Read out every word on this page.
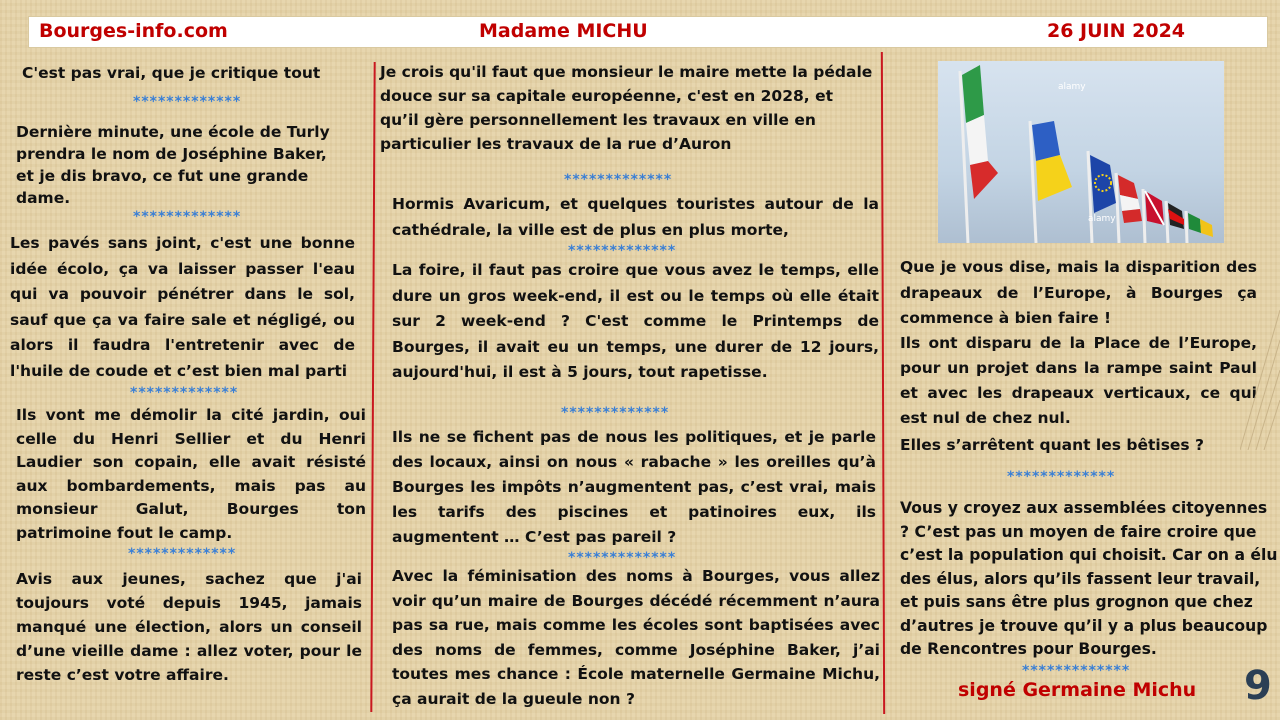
Bourges-info.com	Madame MICHU	26 JUIN 2024
C'est pas vrai, que je critique tout
*************
Dernière minute, une école de Turly prendra le nom de Joséphine Baker, et je dis bravo, ce fut une grande dame.
*************
Les pavés sans joint, c'est une bonne idée écolo, ça va laisser passer l'eau qui va pouvoir pénétrer dans le sol, sauf que ça va faire sale et négligé, ou alors il faudra l'entretenir avec de l'huile de coude et c’est bien mal parti
*************
Ils vont me démolir la cité jardin, oui celle du Henri Sellier et du Henri Laudier son copain, elle avait résisté aux bombardements, mais pas au monsieur Galut, Bourges ton patrimoine fout le camp.
*************
Avis aux jeunes, sachez que j'ai toujours voté depuis 1945, jamais manqué une élection, alors un conseil d’une vieille dame : allez voter, pour le reste c’est votre affaire.
Je crois qu'il faut que monsieur le maire mette la pédale douce sur sa capitale européenne, c'est en 2028, et qu’il gère personnellement les travaux en ville en particulier les travaux de la rue d’Auron
*************
Hormis Avaricum, et quelques touristes autour de la cathédrale, la ville est de plus en plus morte,
*************
La foire, il faut pas croire que vous avez le temps, elle dure un gros week-end, il est ou le temps où elle était sur 2 week-end ? C'est comme le Printemps de Bourges, il avait eu un temps, une durer de 12 jours, aujourd'hui, il est à 5 jours, tout rapetisse.
*************
Ils ne se fichent pas de nous les politiques, et je parle des locaux, ainsi on nous « rabache » les oreilles qu’à Bourges les impôts n’augmentent pas, c’est vrai, mais les tarifs des piscines et patinoires eux, ils augmentent … C’est pas pareil ?
*************
Avec la féminisation des noms à Bourges, vous allez voir qu’un maire de Bourges décédé récemment n’aura pas sa rue, mais comme les écoles sont baptisées avec des noms de femmes, comme Joséphine Baker, j’ai toutes mes chance : École maternelle Germaine Michu, ça aurait de la gueule non ?
alamy
alamy
Que je vous dise, mais la disparition des drapeaux de l’Europe, à Bourges ça commence à bien faire !
Ils ont disparu de la Place de l’Europe, pour un projet dans la rampe saint Paul et avec les drapeaux verticaux, ce qui est nul de chez nul.
Elles s’arrêtent quant les bêtises ?
*************
Vous y croyez aux assemblées citoyennes ? C’est pas un moyen de faire croire que c’est la population qui choisit. Car on a élu des élus, alors qu’ils fassent leur travail, et puis sans être plus grognon que chez d’autres je trouve qu’il y a plus beaucoup de Rencontres pour Bourges.
*************
signé Germaine Michu 9
